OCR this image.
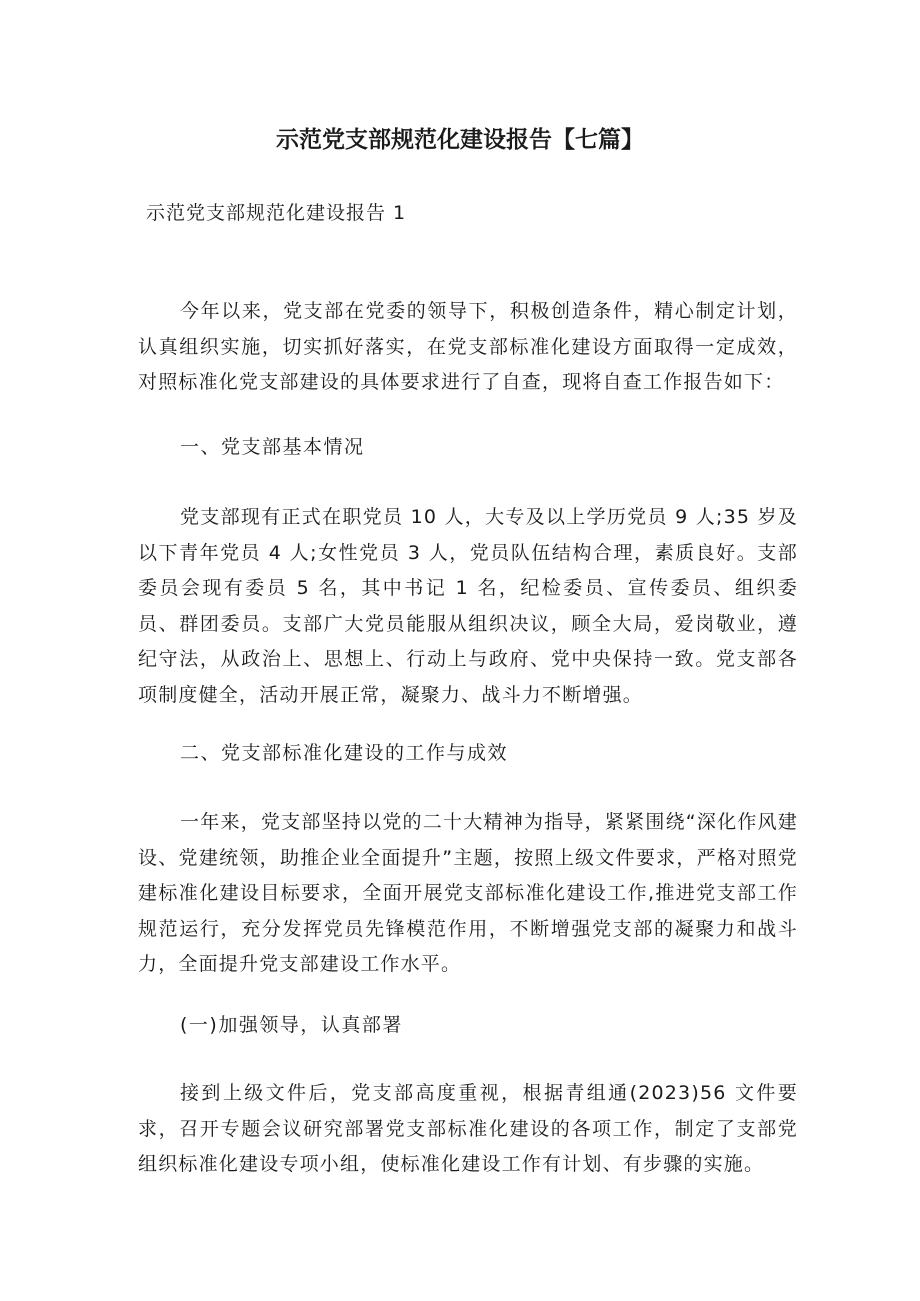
示范党支部规范化建设报告【七篇】
示范党支部规范化建设报告 1

今年以来，党支部在党委的领导下，积极创造条件，精心制定计划，认真组织实施，切实抓好落实，在党支部标准化建设方面取得一定成效，对照标准化党支部建设的具体要求进行了自查，现将自查工作报告如下：

一、党支部基本情况

党支部现有正式在职党员 10 人，大专及以上学历党员 9 人;35 岁及以下青年党员 4 人;女性党员 3 人，党员队伍结构合理，素质良好。支部委员会现有委员 5 名，其中书记 1 名，纪检委员、宣传委员、组织委员、群团委员。支部广大党员能服从组织决议，顾全大局，爱岗敬业，遵纪守法，从政治上、思想上、行动上与政府、党中央保持一致。党支部各项制度健全，活动开展正常，凝聚力、战斗力不断增强。

二、党支部标准化建设的工作与成效

一年来，党支部坚持以党的二十大精神为指导，紧紧围绕“深化作风建设、党建统领，助推企业全面提升”主题，按照上级文件要求，严格对照党建标准化建设目标要求，全面开展党支部标准化建设工作,推进党支部工作规范运行，充分发挥党员先锋模范作用，不断增强党支部的凝聚力和战斗力，全面提升党支部建设工作水平。

(一)加强领导，认真部署

接到上级文件后，党支部高度重视，根据青组通(2023)56 文件要求，召开专题会议研究部署党支部标准化建设的各项工作，制定了支部党组织标准化建设专项小组，使标准化建设工作有计划、有步骤的实施。
